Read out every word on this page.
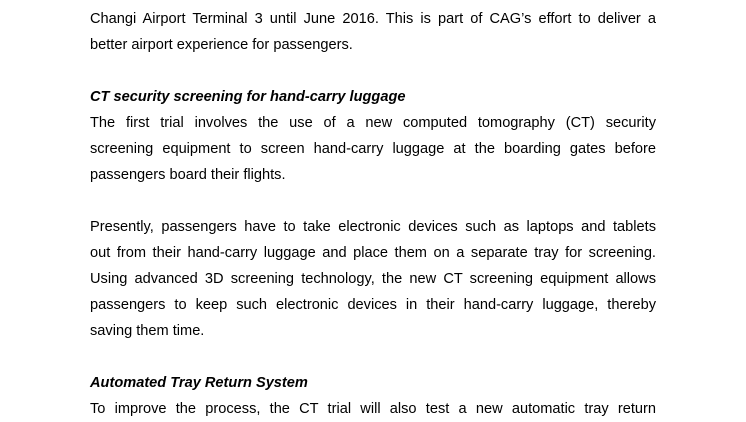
Changi Airport Terminal 3 until June 2016. This is part of CAG’s effort to deliver a
better airport experience for passengers.

CT security screening for hand-carry luggage

The first trial involves the use of a new computed tomography (CT) security
screening equipment to screen hand-carry luggage at the boarding gates before
passengers board their flights.

Presently, passengers have to take electronic devices such as laptops and tablets
out from their hand-carry luggage and place them on a separate tray for screening.
Using advanced 3D screening technology, the new CT screening equipment allows
passengers to keep such electronic devices in their hand-carry luggage, thereby
saving them time.

Automated Tray Return System

To improve the process, the CT trial will also test a new automatic tray return
